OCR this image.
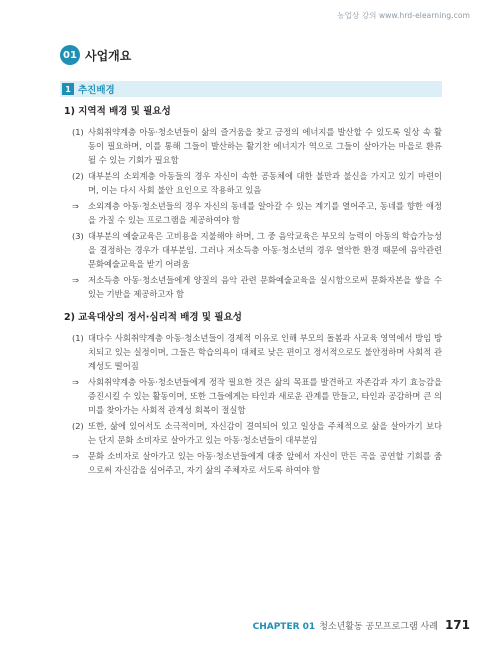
농업상 강의 www.hrd-elearning.com
01 사업개요
1 추진배경
1) 지역적 배경 및 필요성
(1) 사회취약계층 아동·청소년들이 삶의 즐거움을 찾고 긍정의 에너지를 발산할 수 있도록 일상 속 활동이 필요하며, 이를 통해 그들이 발산하는 활기찬 에너지가 역으로 그들이 살아가는 마을로 환류 될 수 있는 기회가 필요함
(2) 대부분의 소외계층 아동들의 경우 자신이 속한 공동체에 대한 불만과 불신을 가지고 있기 마련이며, 이는 다시 사회 불안 요인으로 작용하고 있음
⇒ 소외계층 아동·청소년들의 경우 자신의 동네를 알아갈 수 있는 계기를 열어주고, 동네를 향한 애정을 가질 수 있는 프로그램을 제공하여야 함
(3) 대부분의 예술교육은 고비용을 지불해야 하며, 그 중 음악교육은 부모의 능력이 아동의 학습가능성을 결정하는 경우가 대부분임. 그러나 저소득층 아동·청소년의 경우 열악한 환경 때문에 음악관련 문화예술교육을 받기 어려움
⇒ 저소득층 아동·청소년들에게 양질의 음악 관련 문화예술교육을 실시함으로써 문화자본을 쌓을 수 있는 기반을 제공하고자 함
2) 교육대상의 정서·심리적 배경 및 필요성
(1) 대다수 사회취약계층 아동·청소년들이 경제적 이유로 인해 부모의 돌봄과 사교육 영역에서 방임 방치되고 있는 실정이며, 그들은 학습의욕이 대체로 낮은 편이고 정서적으로도 불안정하며 사회적 관계성도 떨어짐
⇒ 사회취약계층 아동·청소년들에게 정작 필요한 것은 삶의 목표를 발견하고 자존감과 자기 효능감을 증진시킬 수 있는 활동이며, 또한 그들에게는 타인과 새로운 관계를 만들고, 타인과 공감하며 큰 의미를 찾아가는 사회적 관계성 회복이 절실함
(2) 또한, 삶에 있어서도 소극적이며, 자신감이 결여되어 있고 일상을 주체적으로 삶을 살아가기 보다는 단지 문화 소비자로 살아가고 있는 아동·청소년들이 대부분임
⇒ 문화 소비자로 살아가고 있는 아동·청소년들에게 대중 앞에서 자신이 만든 곡을 공연할 기회를 줌으로써 자신감을 심어주고, 자기 삶의 주체자로 서도록 하여야 함
CHAPTER 01 청소년활동 공모프로그램 사례 171
